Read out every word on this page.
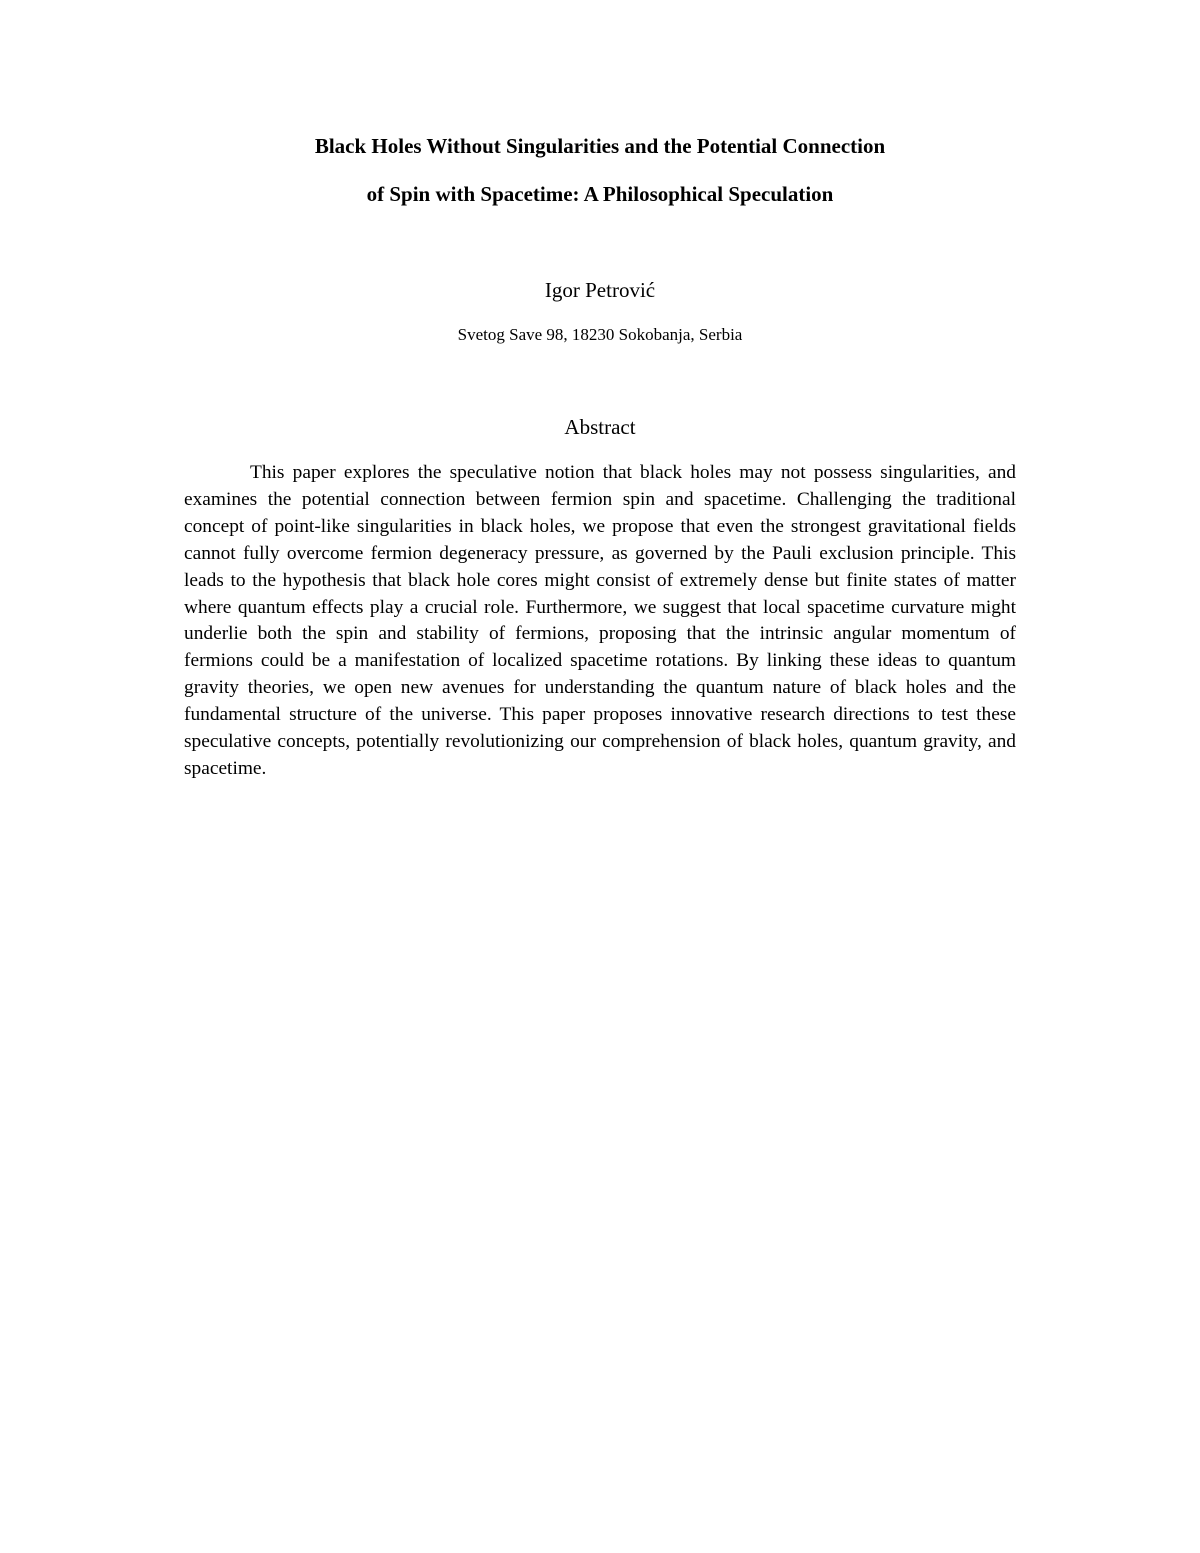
Black Holes Without Singularities and the Potential Connection
of Spin with Spacetime: A Philosophical Speculation

Igor Petrović

Svetog Save 98, 18230 Sokobanja, Serbia

Abstract

This paper explores the speculative notion that black holes may not possess singularities, and examines the potential connection between fermion spin and spacetime. Challenging the traditional concept of point-like singularities in black holes, we propose that even the strongest gravitational fields cannot fully overcome fermion degeneracy pressure, as governed by the Pauli exclusion principle. This leads to the hypothesis that black hole cores might consist of extremely dense but finite states of matter where quantum effects play a crucial role. Furthermore, we suggest that local spacetime curvature might underlie both the spin and stability of fermions, proposing that the intrinsic angular momentum of fermions could be a manifestation of localized spacetime rotations. By linking these ideas to quantum gravity theories, we open new avenues for understanding the quantum nature of black holes and the fundamental structure of the universe. This paper proposes innovative research directions to test these speculative concepts, potentially revolutionizing our comprehension of black holes, quantum gravity, and spacetime.
